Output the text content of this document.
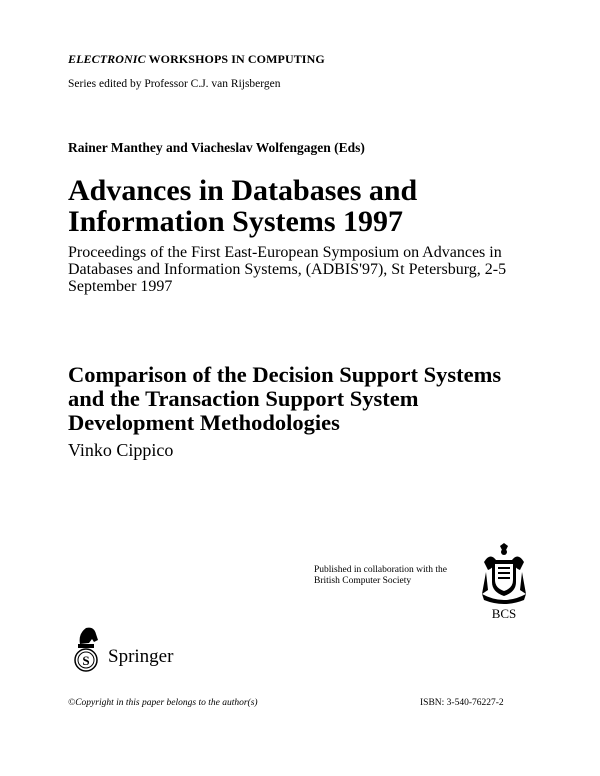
ELECTRONIC WORKSHOPS IN COMPUTING
Series edited by Professor C.J. van Rijsbergen
Rainer Manthey and Viacheslav Wolfengagen (Eds)
Advances in Databases and
Information Systems 1997
Proceedings of the First East-European Symposium on Advances in Databases and Information Systems, (ADBIS'97), St Petersburg, 2-5 September 1997
Comparison of the Decision Support Systems
and the Transaction Support System
Development Methodologies
Vinko Cippico
Published in collaboration with the
British Computer Society
BCS
S Springer
©Copyright in this paper belongs to the author(s)	ISBN: 3-540-76227-2
